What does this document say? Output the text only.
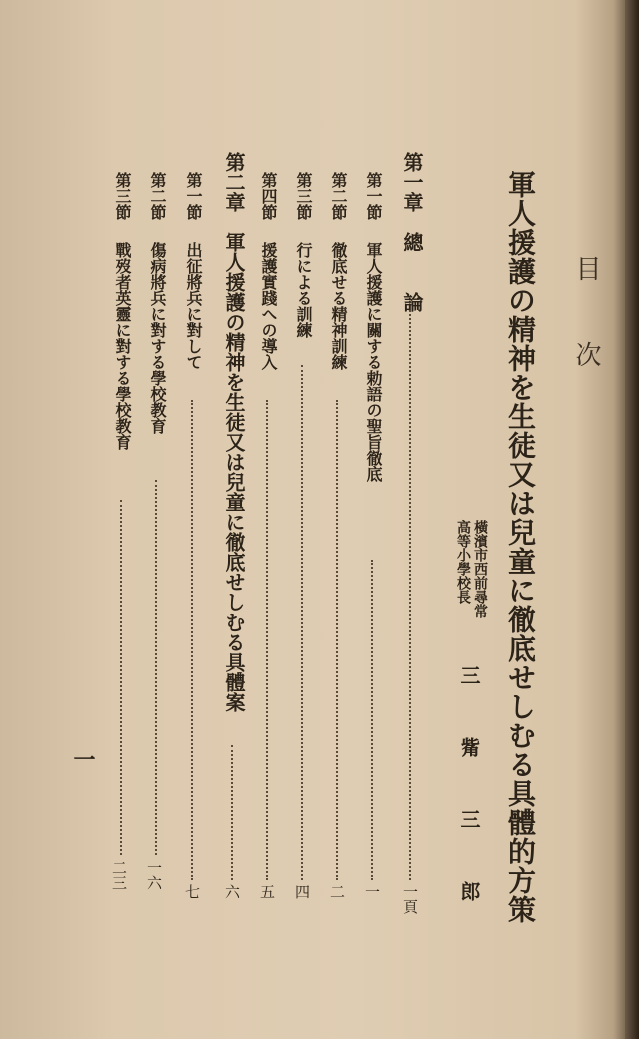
目次
軍人援護の精神を生徒又は兒童に徹底せしむる具體的方策
橫濱市西前尋常
高等小學校長
三 觜 三 郎
第一章
總 論
一頁
第一節
軍人援護に關する勅語の聖旨徹底
一
第二節
徹底せる精神訓練
二
第三節
行による訓練
四
第四節
援護實踐への導入
五
第二章
軍人援護の精神を生徒又は兒童に徹底せしむる具體案
六
第一節
出征將兵に對して
七
第二節
傷病將兵に對する學校教育
一六
第三節
戰歿者英靈に對する學校教育
二三
一
